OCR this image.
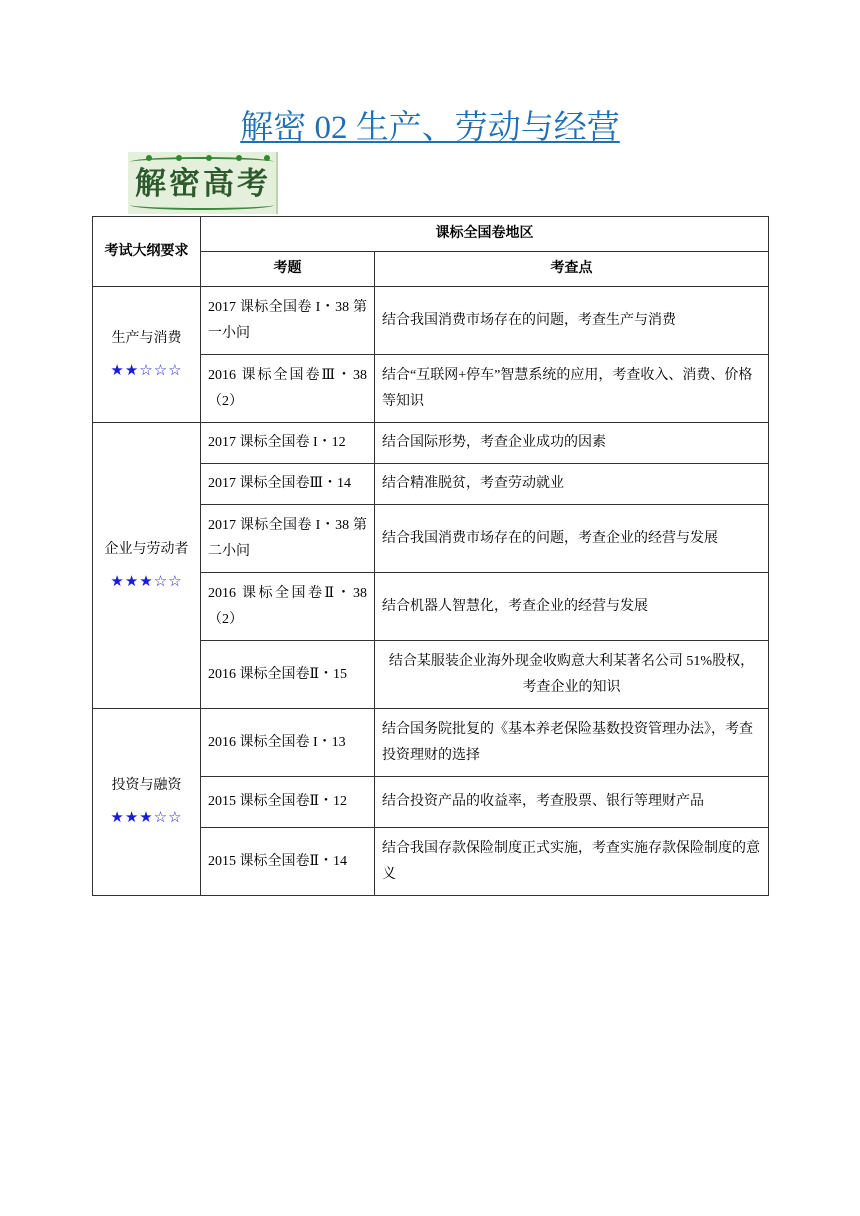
解密 02 生产、劳动与经营
解密高考
考试大纲要求	课标全国卷地区	
	考题	考查点
生产与消费
★★☆☆☆	2017 课标全国卷 I・38 第一小问	结合我国消费市场存在的问题，考查生产与消费
	2016 课标全国卷Ⅲ・38（2）	结合“互联网+停车”智慧系统的应用，考查收入、消费、价格等知识
企业与劳动者
★★★☆☆	2017 课标全国卷 I・12	结合国际形势，考查企业成功的因素
	2017 课标全国卷Ⅲ・14	结合精准脱贫，考查劳动就业
	2017 课标全国卷 I・38 第二小问	结合我国消费市场存在的问题，考查企业的经营与发展
	2016 课标全国卷Ⅱ・38（2）	结合机器人智慧化，考查企业的经营与发展
	2016 课标全国卷Ⅱ・15	结合某服装企业海外现金收购意大利某著名公司 51%股权，考查企业的知识
投资与融资
★★★☆☆	2016 课标全国卷 I・13	结合国务院批复的《基本养老保险基数投资管理办法》，考查投资理财的选择
	2015 课标全国卷Ⅱ・12	结合投资产品的收益率，考查股票、银行等理财产品
	2015 课标全国卷Ⅱ・14	结合我国存款保险制度正式实施，考查实施存款保险制度的意义
